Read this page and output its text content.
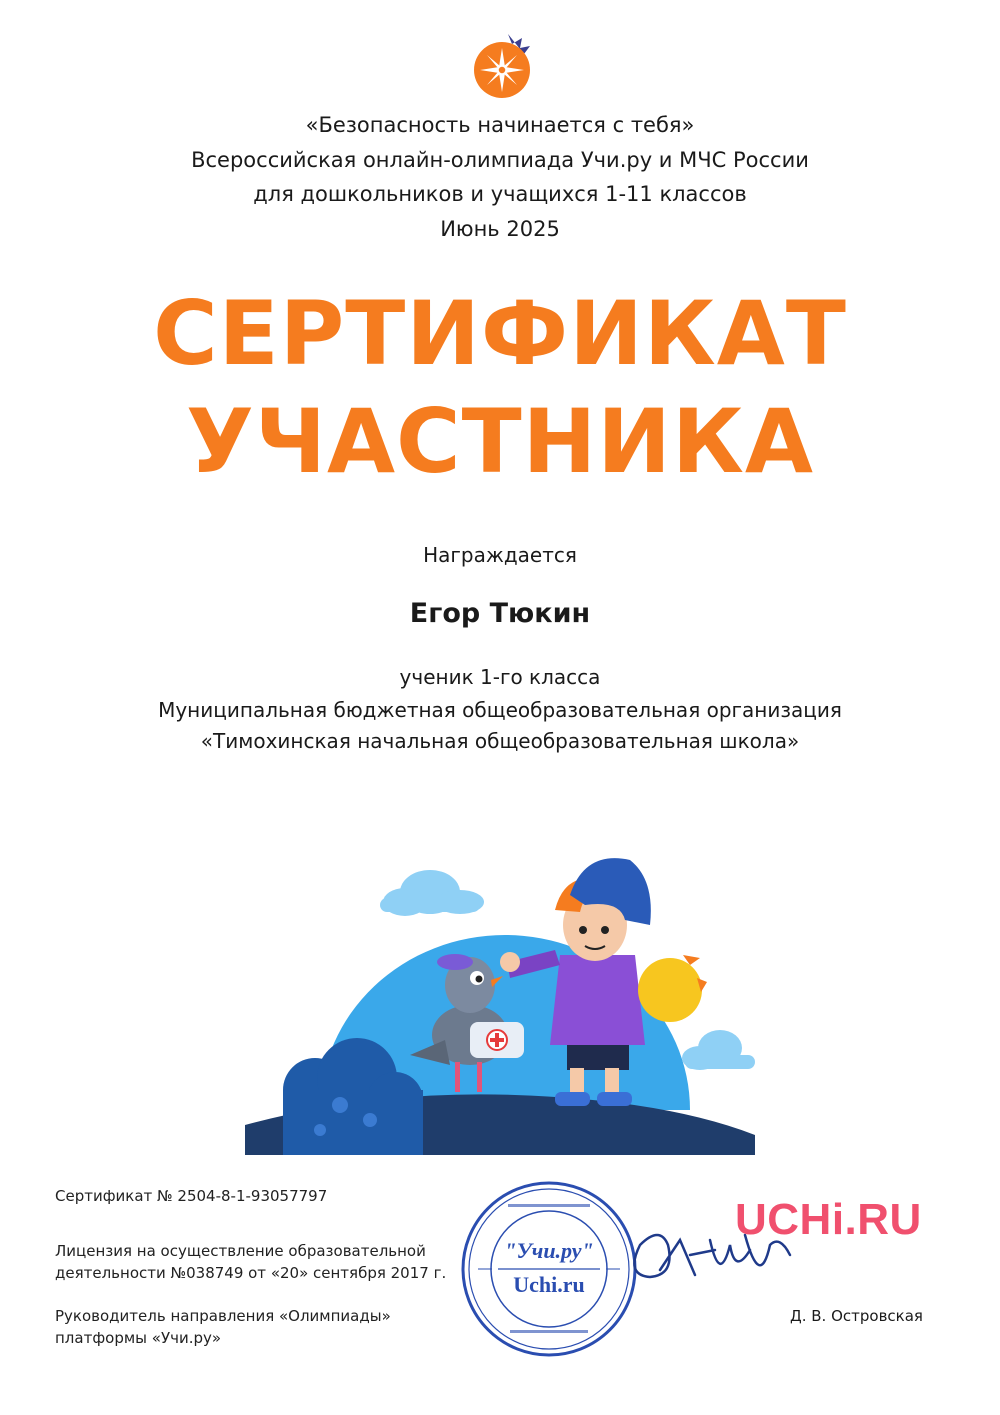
«Безопасность начинается с тебя»
Всероссийская онлайн-олимпиада Учи.ру и МЧС России
для дошкольников и учащихся 1-11 классов
Июнь 2025
СЕРТИФИКАТ
УЧАСТНИКА
Награждается
Егор Тюкин
ученик 1-го класса
Муниципальная бюджетная общеобразовательная организация
«Тимохинская начальная общеобразовательная школа»
Сертификат № 2504-8-1-93057797
Лицензия на осуществление образовательной
деятельности №038749 от «20» сентября 2017 г.
Руководитель направления «Олимпиады»
платформы «Учи.ру»
"Учи.ру"
Uchi.ru
UCHi.RU
Д. В. Островская
